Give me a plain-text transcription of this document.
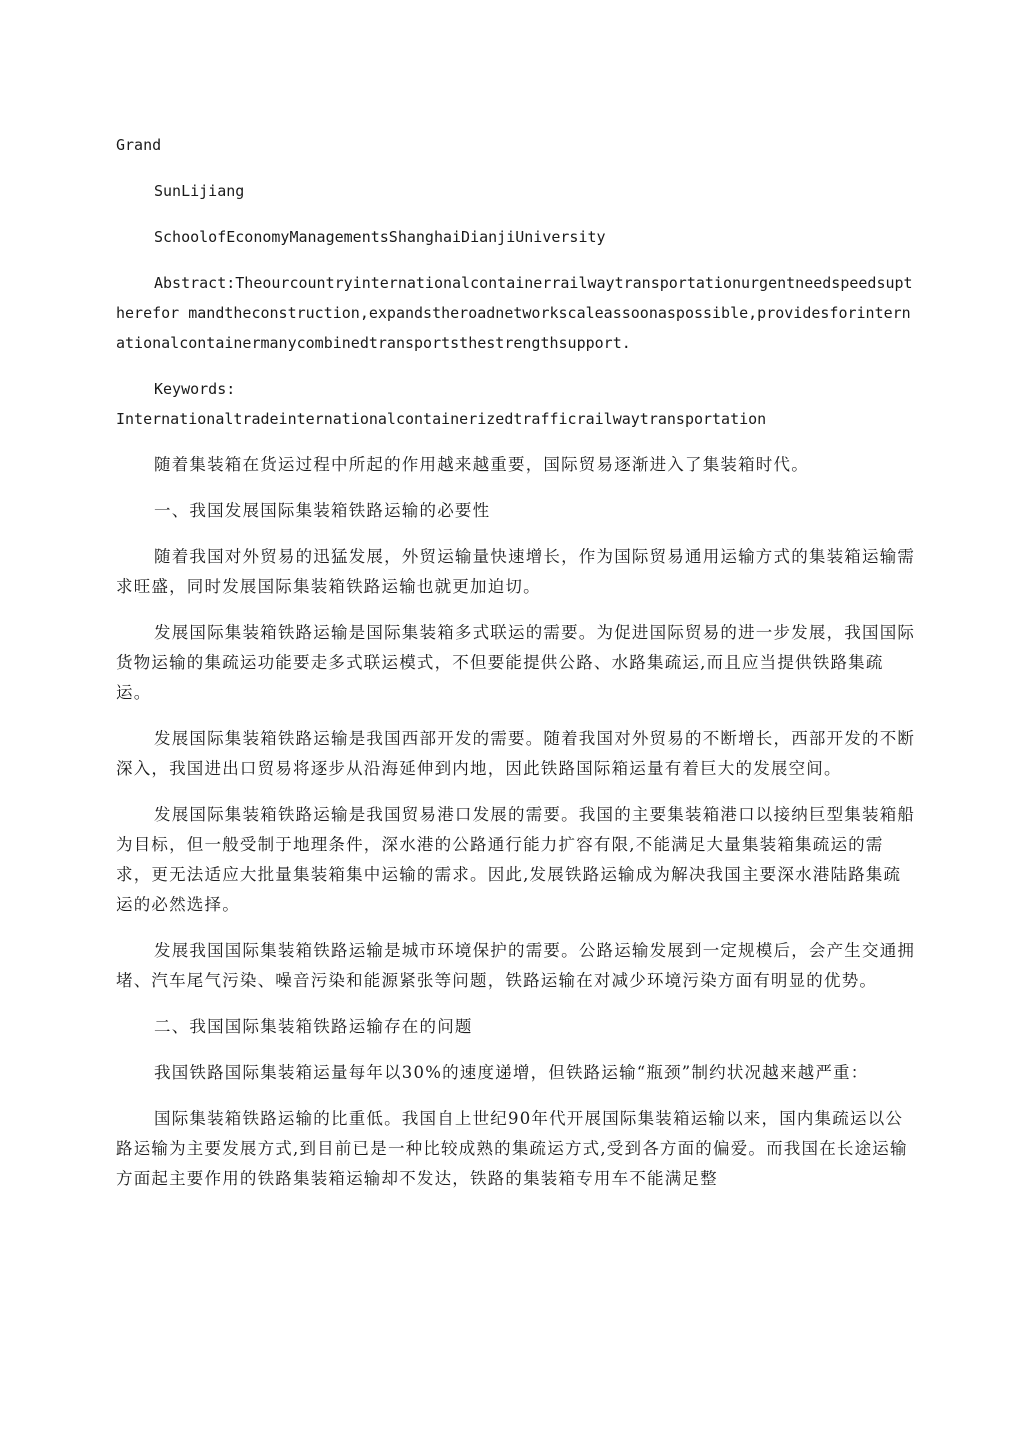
Grand

SunLijiang

SchoolofEconomyManagementsShanghaiDianjiUniversity

Abstract:Theourcountryinternationalcontainerrailwaytransportationurgentneedspeedsuptherefor mandtheconstruction,expandstheroadnetworkscaleassoonaspossible,providesforinternationalcontainermanycombinedtransportsthestrengthsupport.

Keywords:
Internationaltradeinternationalcontainerizedtrafficrailwaytransportation

随着集装箱在货运过程中所起的作用越来越重要，国际贸易逐渐进入了集装箱时代。

一、我国发展国际集装箱铁路运输的必要性

随着我国对外贸易的迅猛发展，外贸运输量快速增长，作为国际贸易通用运输方式的集装箱运输需求旺盛，同时发展国际集装箱铁路运输也就更加迫切。

发展国际集装箱铁路运输是国际集装箱多式联运的需要。为促进国际贸易的进一步发展，我国国际货物运输的集疏运功能要走多式联运模式，不但要能提供公路、水路集疏运,而且应当提供铁路集疏运。

发展国际集装箱铁路运输是我国西部开发的需要。随着我国对外贸易的不断增长，西部开发的不断深入，我国进出口贸易将逐步从沿海延伸到内地，因此铁路国际箱运量有着巨大的发展空间。

发展国际集装箱铁路运输是我国贸易港口发展的需要。我国的主要集装箱港口以接纳巨型集装箱船为目标，但一般受制于地理条件，深水港的公路通行能力扩容有限,不能满足大量集装箱集疏运的需求，更无法适应大批量集装箱集中运输的需求。因此,发展铁路运输成为解决我国主要深水港陆路集疏运的必然选择。

发展我国国际集装箱铁路运输是城市环境保护的需要。公路运输发展到一定规模后，会产生交通拥堵、汽车尾气污染、噪音污染和能源紧张等问题，铁路运输在对减少环境污染方面有明显的优势。

二、我国国际集装箱铁路运输存在的问题

我国铁路国际集装箱运量每年以30%的速度递增，但铁路运输“瓶颈”制约状况越来越严重：

国际集装箱铁路运输的比重低。我国自上世纪90年代开展国际集装箱运输以来，国内集疏运以公路运输为主要发展方式,到目前已是一种比较成熟的集疏运方式,受到各方面的偏爱。而我国在长途运输方面起主要作用的铁路集装箱运输却不发达，铁路的集装箱专用车不能满足整
